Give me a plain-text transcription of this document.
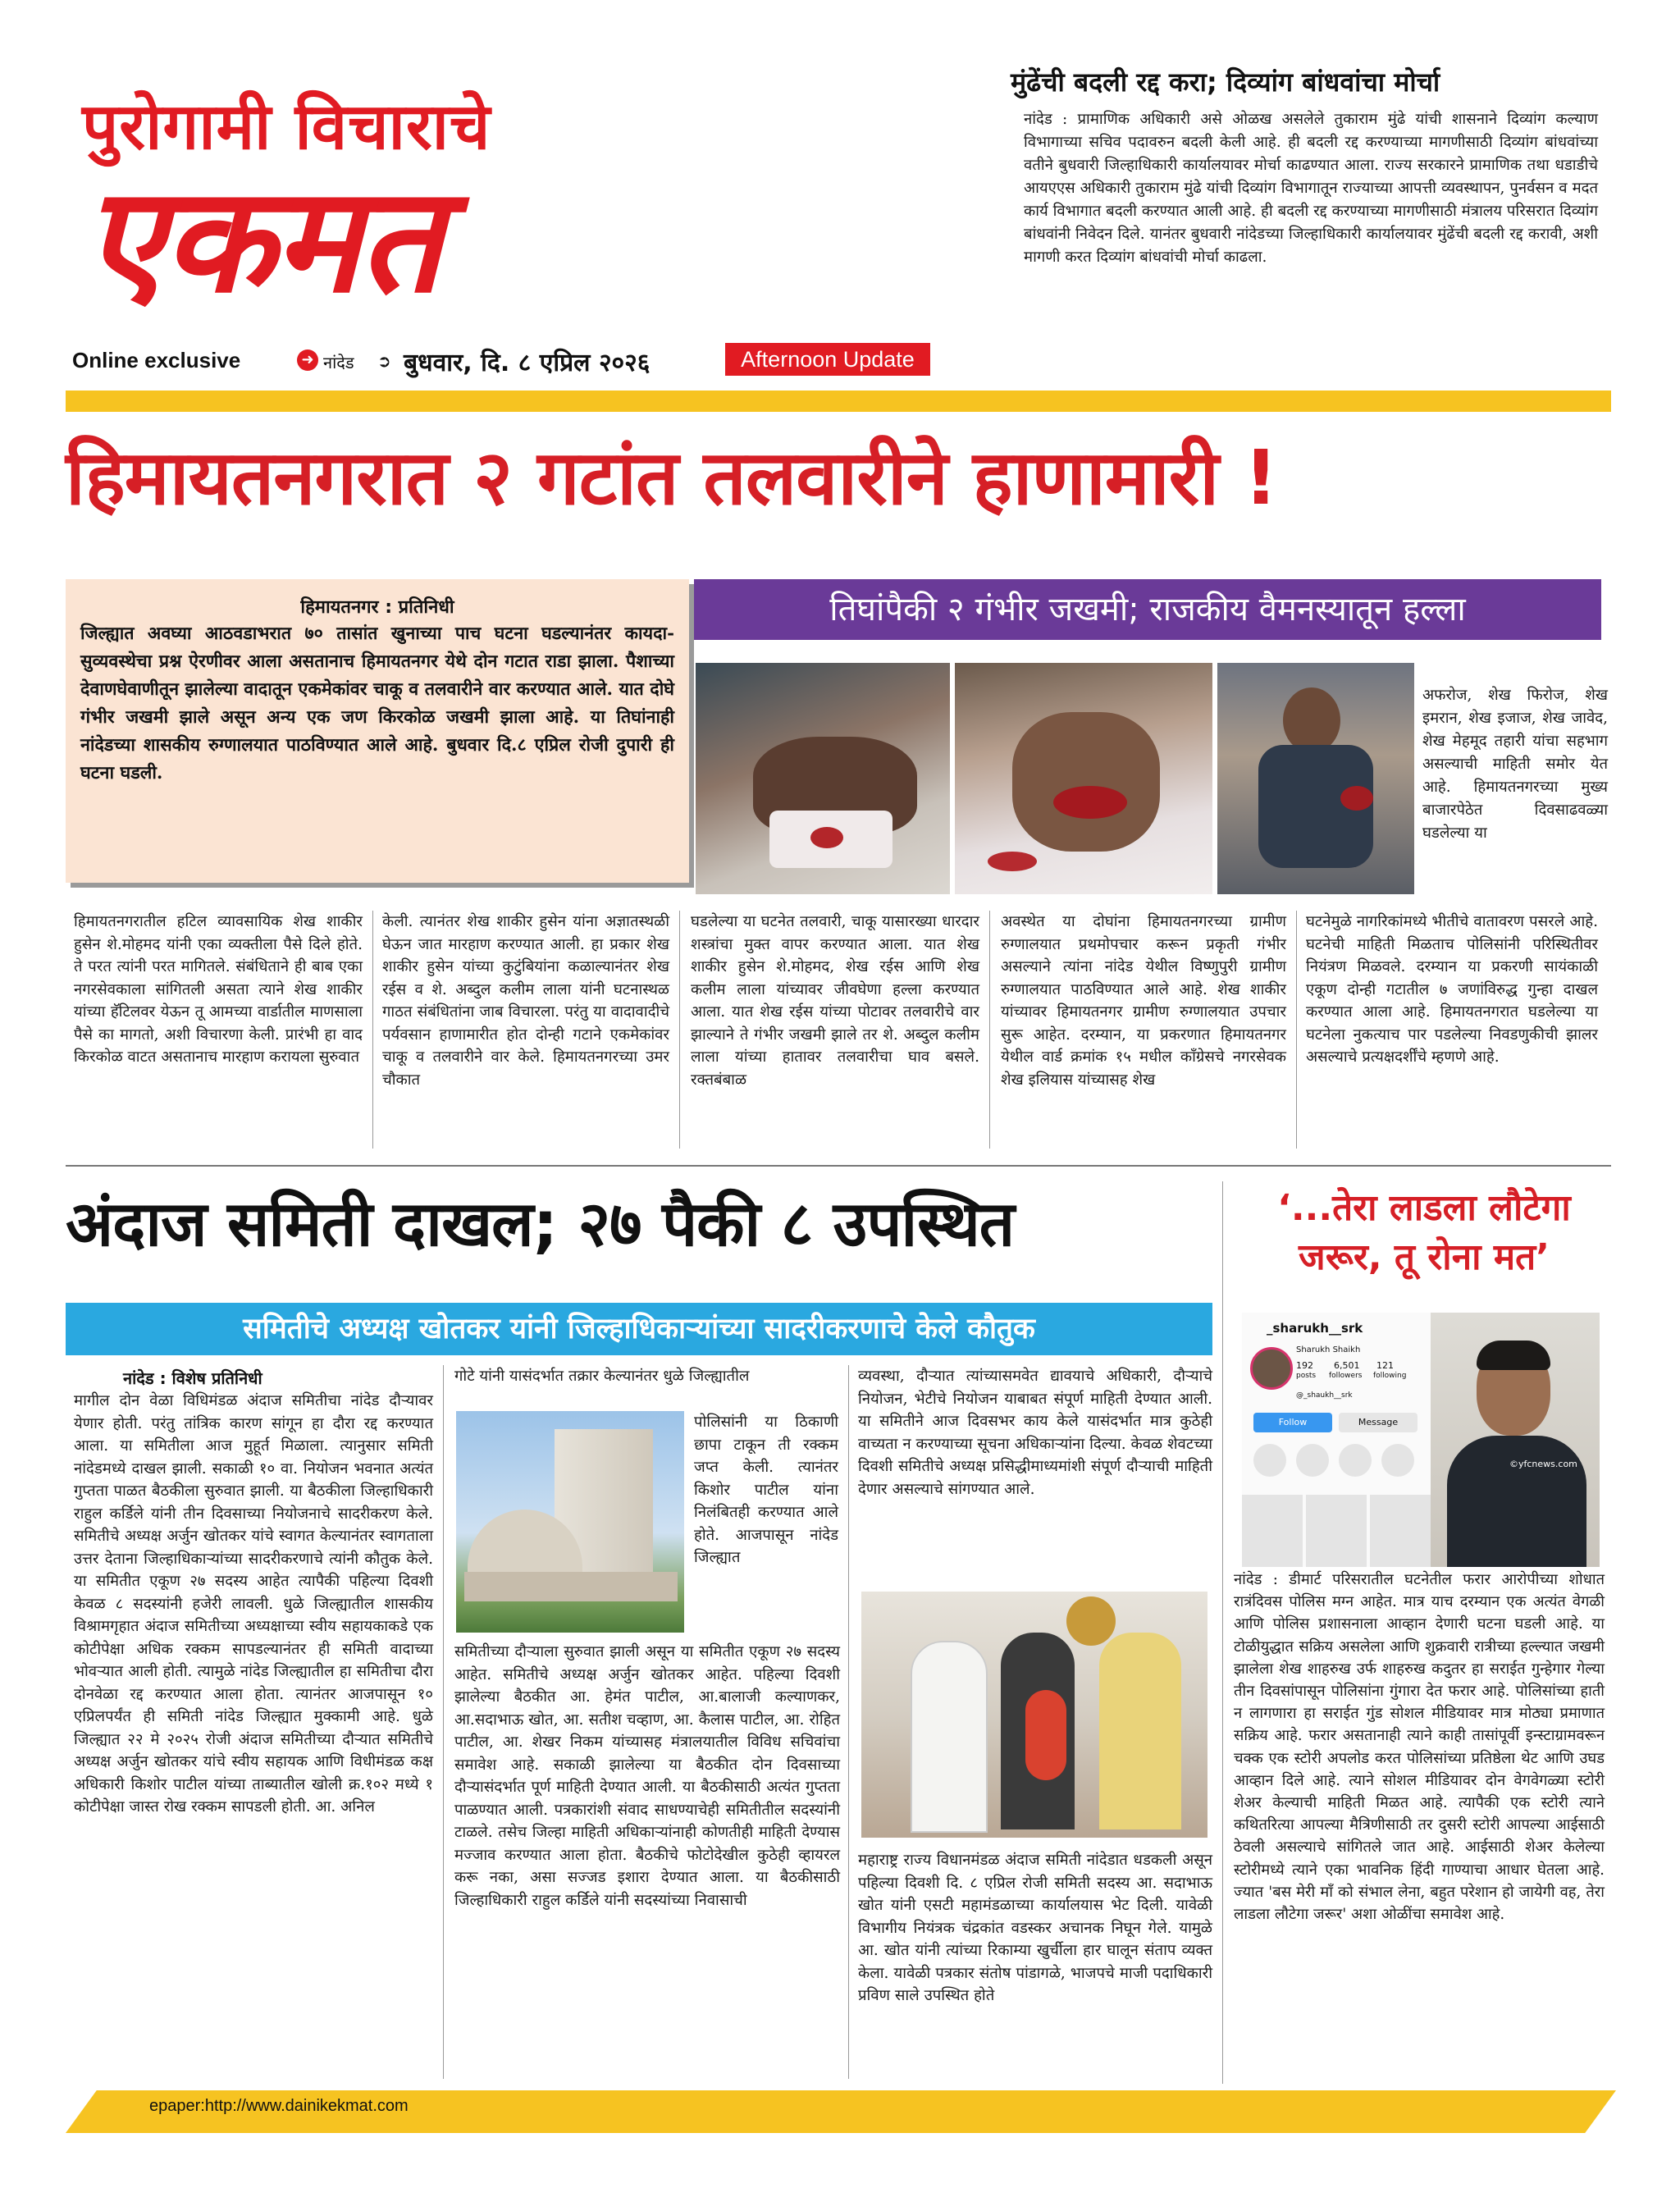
पुरोगामी विचाराचे
एकमत
Online exclusive	➜ नांदेड ➲ बुधवार, दि. ८ एप्रिल २०२६	Afternoon Update
मुंढेंची बदली रद्द करा; दिव्यांग बांधवांचा मोर्चा
नांदेड : प्रामाणिक अधिकारी असे ओळख असलेले तुकाराम मुंढे यांची शासनाने दिव्यांग कल्याण विभागाच्या सचिव पदावरुन बदली केली आहे. ही बदली रद्द करण्याच्या मागणीसाठी दिव्यांग बांधवांच्या वतीने बुधवारी जिल्हाधिकारी कार्यालयावर मोर्चा काढण्यात आला. राज्य सरकारने प्रामाणिक तथा धडाडीचे आयएएस अधिकारी तुकाराम मुंढे यांची दिव्यांग विभागातून राज्याच्या आपत्ती व्यवस्थापन, पुनर्वसन व मदत कार्य विभागात बदली करण्यात आली आहे. ही बदली रद्द करण्याच्या मागणीसाठी मंत्रालय परिसरात दिव्यांग बांधवांनी निवेदन दिले. यानंतर बुधवारी नांदेडच्या जिल्हाधिकारी कार्यालयावर मुंढेंची बदली रद्द करावी, अशी मागणी करत दिव्यांग बांधवांची मोर्चा काढला.
हिमायतनगरात २ गटांत तलवारीने हाणामारी !
हिमायतनगर : प्रतिनिधी
जिल्ह्यात अवघ्या आठवडाभरात ७० तासांत खुनाच्या पाच घटना घडल्यानंतर कायदा-सुव्यवस्थेचा प्रश्न ऐरणीवर आला असतानाच हिमायतनगर येथे दोन गटात राडा झाला. पैशाच्या देवाणघेवाणीतून झालेल्या वादातून एकमेकांवर चाकू व तलवारीने वार करण्यात आले. यात दोघे गंभीर जखमी झाले असून अन्य एक जण किरकोळ जखमी झाला आहे. या तिघांनाही नांदेडच्या शासकीय रुग्णालयात पाठविण्यात आले आहे. बुधवार दि.८ एप्रिल रोजी दुपारी ही घटना घडली.
तिघांपैकी २ गंभीर जखमी; राजकीय वैमनस्यातून हल्ला
अफरोज, शेख फिरोज, शेख इमरान, शेख इजाज, शेख जावेद, शेख मेहमूद तहारी यांचा सहभाग असल्याची माहिती समोर येत आहे. हिमायतनगरच्या मुख्य बाजारपेठेत दिवसाढवळ्या घडलेल्या या
हिमायतनगरातील हटिल व्यावसायिक शेख शाकीर हुसेन शे.मोहमद यांनी एका व्यक्तीला पैसे दिले होते. ते परत त्यांनी परत मागितले. संबंधिताने ही बाब एका नगरसेवकाला सांगितली असता त्याने शेख शाकीर यांच्या हॅटिलवर येऊन तू आमच्या वार्डातील माणसाला पैसे का मागतो, अशी विचारणा केली. प्रारंभी हा वाद किरकोळ वाटत असतानाच मारहाण करायला सुरुवात
केली. त्यानंतर शेख शाकीर हुसेन यांना अज्ञातस्थळी घेऊन जात मारहाण करण्यात आली. हा प्रकार शेख शाकीर हुसेन यांच्या कुटुंबियांना कळाल्यानंतर शेख रईस व शे. अब्दुल कलीम लाला यांनी घटनास्थळ गाठत संबंधितांना जाब विचारला. परंतु या वादावादीचे पर्यवसान हाणामारीत होत दोन्ही गटाने एकमेकांवर चाकू व तलवारीने वार केले. हिमायतनगरच्या उमर चौकात
घडलेल्या या घटनेत तलवारी, चाकू यासारख्या धारदार शस्त्रांचा मुक्त वापर करण्यात आला. यात शेख शाकीर हुसेन शे.मोहमद, शेख रईस आणि शेख कलीम लाला यांच्यावर जीवघेणा हल्ला करण्यात आला. यात शेख रईस यांच्या पोटावर तलवारीचे वार झाल्याने ते गंभीर जखमी झाले तर शे. अब्दुल कलीम लाला यांच्या हातावर तलवारीचा घाव बसले. रक्तबंबाळ
अवस्थेत या दोघांना हिमायतनगरच्या ग्रामीण रुग्णालयात प्रथमोपचार करून प्रकृती गंभीर असल्याने त्यांना नांदेड येथील विष्णुपुरी ग्रामीण रुग्णालयात पाठविण्यात आले आहे. शेख शाकीर यांच्यावर हिमायतनगर ग्रामीण रुग्णालयात उपचार सुरू आहेत. दरम्यान, या प्रकरणात हिमायतनगर येथील वार्ड क्रमांक १५ मधील कॉंग्रेसचे नगरसेवक शेख इलियास यांच्यासह शेख
घटनेमुळे नागरिकांमध्ये भीतीचे वातावरण पसरले आहे. घटनेची माहिती मिळताच पोलिसांनी परिस्थितीवर नियंत्रण मिळवले. दरम्यान या प्रकरणी सायंकाळी एकूण दोन्ही गटातील ७ जणांविरुद्ध गुन्हा दाखल करण्यात आला आहे. हिमायतनगरात घडलेल्या या घटनेला नुकत्याच पार पडलेल्या निवडणुकीची झालर असल्याचे प्रत्यक्षदर्शींचे म्हणणे आहे.
अंदाज समिती दाखल; २७ पैकी ८ उपस्थित
समितीचे अध्यक्ष खोतकर यांनी जिल्हाधिकाऱ्यांच्या सादरीकरणाचे केले कौतुक
नांदेड : विशेष प्रतिनिधी
मागील दोन वेळा विधिमंडळ अंदाज समितीचा नांदेड दौऱ्यावर येणार होती. परंतु तांत्रिक कारण सांगून हा दौरा रद्द करण्यात आला. या समितीला आज मुहूर्त मिळाला. त्यानुसार समिती नांदेडमध्ये दाखल झाली. सकाळी १० वा. नियोजन भवनात अत्यंत गुप्तता पाळत बैठकीला सुरुवात झाली. या बैठकीला जिल्हाधिकारी राहुल कर्डिले यांनी तीन दिवसाच्या नियोजनाचे सादरीकरण केले. समितीचे अध्यक्ष अर्जुन खोतकर यांचे स्वागत केल्यानंतर स्वागताला उत्तर देताना जिल्हाधिकाऱ्यांच्या सादरीकरणाचे त्यांनी कौतुक केले. या समितीत एकूण २७ सदस्य आहेत त्यापैकी पहिल्या दिवशी केवळ ८ सदस्यांनी हजेरी लावली. धुळे जिल्ह्यातील शासकीय विश्रामगृहात अंदाज समितीच्या अध्यक्षाच्या स्वीय सहायकाकडे एक कोटीपेक्षा अधिक रक्कम सापडल्यानंतर ही समिती वादाच्या भोवऱ्यात आली होती. त्यामुळे नांदेड जिल्ह्यातील हा समितीचा दौरा दोनवेळा रद्द करण्यात आला होता. त्यानंतर आजपासून १० एप्रिलपर्यंत ही समिती नांदेड जिल्ह्यात मुक्कामी आहे. धुळे जिल्ह्यात २२ मे २०२५ रोजी अंदाज समितीच्या दौऱ्यात समितीचे अध्यक्ष अर्जुन खोतकर यांचे स्वीय सहायक आणि विधीमंडळ कक्ष अधिकारी किशोर पाटील यांच्या ताब्यातील खोली क्र.१०२ मध्ये १ कोटीपेक्षा जास्त रोख रक्कम सापडली होती. आ. अनिल
गोटे यांनी यासंदर्भात तक्रार केल्यानंतर धुळे जिल्ह्यातील
पोलिसांनी या ठिकाणी छापा टाकून ती रक्कम जप्त केली. त्यानंतर किशोर पाटील यांना निलंबितही करण्यात आले होते. आजपासून नांदेड जिल्ह्यात
समितीच्या दौऱ्याला सुरुवात झाली असून या समितीत एकूण २७ सदस्य आहेत. समितीचे अध्यक्ष अर्जुन खोतकर आहेत. पहिल्या दिवशी झालेल्या बैठकीत आ. हेमंत पाटील, आ.बालाजी कल्याणकर, आ.सदाभाऊ खोत, आ. सतीश चव्हाण, आ. कैलास पाटील, आ. रोहित पाटील, आ. शेखर निकम यांच्यासह मंत्रालयातील विविध सचिवांचा समावेश आहे. सकाळी झालेल्या या बैठकीत दोन दिवसाच्या दौऱ्यासंदर्भात पूर्ण माहिती देण्यात आली. या बैठकीसाठी अत्यंत गुप्तता पाळण्यात आली. पत्रकारांशी संवाद साधण्याचेही समितीतील सदस्यांनी टाळले. तसेच जिल्हा माहिती अधिकाऱ्यांनाही कोणतीही माहिती देण्यास मज्जाव करण्यात आला होता. बैठकीचे फोटोदेखील कुठेही व्हायरल करू नका, असा सज्जड इशारा देण्यात आला. या बैठकीसाठी जिल्हाधिकारी राहुल कर्डिले यांनी सदस्यांच्या निवासाची
व्यवस्था, दौऱ्यात त्यांच्यासमवेत द्यावयाचे अधिकारी, दौऱ्याचे नियोजन, भेटीचे नियोजन याबाबत संपूर्ण माहिती देण्यात आली. या समितीने आज दिवसभर काय केले यासंदर्भात मात्र कुठेही वाच्यता न करण्याच्या सूचना अधिकाऱ्यांना दिल्या. केवळ शेवटच्या दिवशी समितीचे अध्यक्ष प्रसिद्धीमाध्यमांशी संपूर्ण दौऱ्याची माहिती देणार असल्याचे सांगण्यात आले.
महाराष्ट्र राज्य विधानमंडळ अंदाज समिती नांदेडात धडकली असून पहिल्या दिवशी दि. ८ एप्रिल रोजी समिती सदस्य आ. सदाभाऊ खोत यांनी एसटी महामंडळाच्या कार्यालयास भेट दिली. यावेळी विभागीय नियंत्रक चंद्रकांत वडस्कर अचानक निघून गेले. यामुळे आ. खोत यांनी त्यांच्या रिकाम्या खुर्चीला हार घालून संताप व्यक्त केला. यावेळी पत्रकार संतोष पांडागळे, भाजपचे माजी पदाधिकारी प्रविण साले उपस्थित होते
‘...तेरा लाडला लौटेगा
जरूर, तू रोना मत’
_sharukh__srk
Sharukh Shaikh
192
posts
6,501
followers
121
following
@_shaukh__srk
Follow	Message
©yfcnews.com
नांदेड : डीमार्ट परिसरातील घटनेतील फरार आरोपीच्या शोधात रात्रंदिवस पोलिस मग्न आहेत. मात्र याच दरम्यान एक अत्यंत वेगळी आणि पोलिस प्रशासनाला आव्हान देणारी घटना घडली आहे. या टोळीयुद्धात सक्रिय असलेला आणि शुक्रवारी रात्रीच्या हल्ल्यात जखमी झालेला शेख शाहरुख उर्फ शाहरुख कदुतर हा सराईत गुन्हेगार गेल्या तीन दिवसांपासून पोलिसांना गुंगारा देत फरार आहे. पोलिसांच्या हाती न लागणारा हा सराईत गुंड सोशल मीडियावर मात्र मोठ्या प्रमाणात सक्रिय आहे. फरार असतानाही त्याने काही तासांपूर्वी इन्स्टाग्रामवरून चक्क एक स्टोरी अपलोड करत पोलिसांच्या प्रतिष्ठेला थेट आणि उघड आव्हान दिले आहे. त्याने सोशल मीडियावर दोन वेगवेगळ्या स्टोरी शेअर केल्याची माहिती मिळत आहे. त्यापैकी एक स्टोरी त्याने कथितरित्या आपल्या मैत्रिणीसाठी तर दुसरी स्टोरी आपल्या आईसाठी ठेवली असल्याचे सांगितले जात आहे. आईसाठी शेअर केलेल्या स्टोरीमध्ये त्याने एका भावनिक हिंदी गाण्याचा आधार घेतला आहे. ज्यात 'बस मेरी माँ को संभाल लेना, बहुत परेशान हो जायेगी वह, तेरा लाडला लौटेगा जरूर' अशा ओळींचा समावेश आहे.
epaper:http://www.dainikekmat.com
